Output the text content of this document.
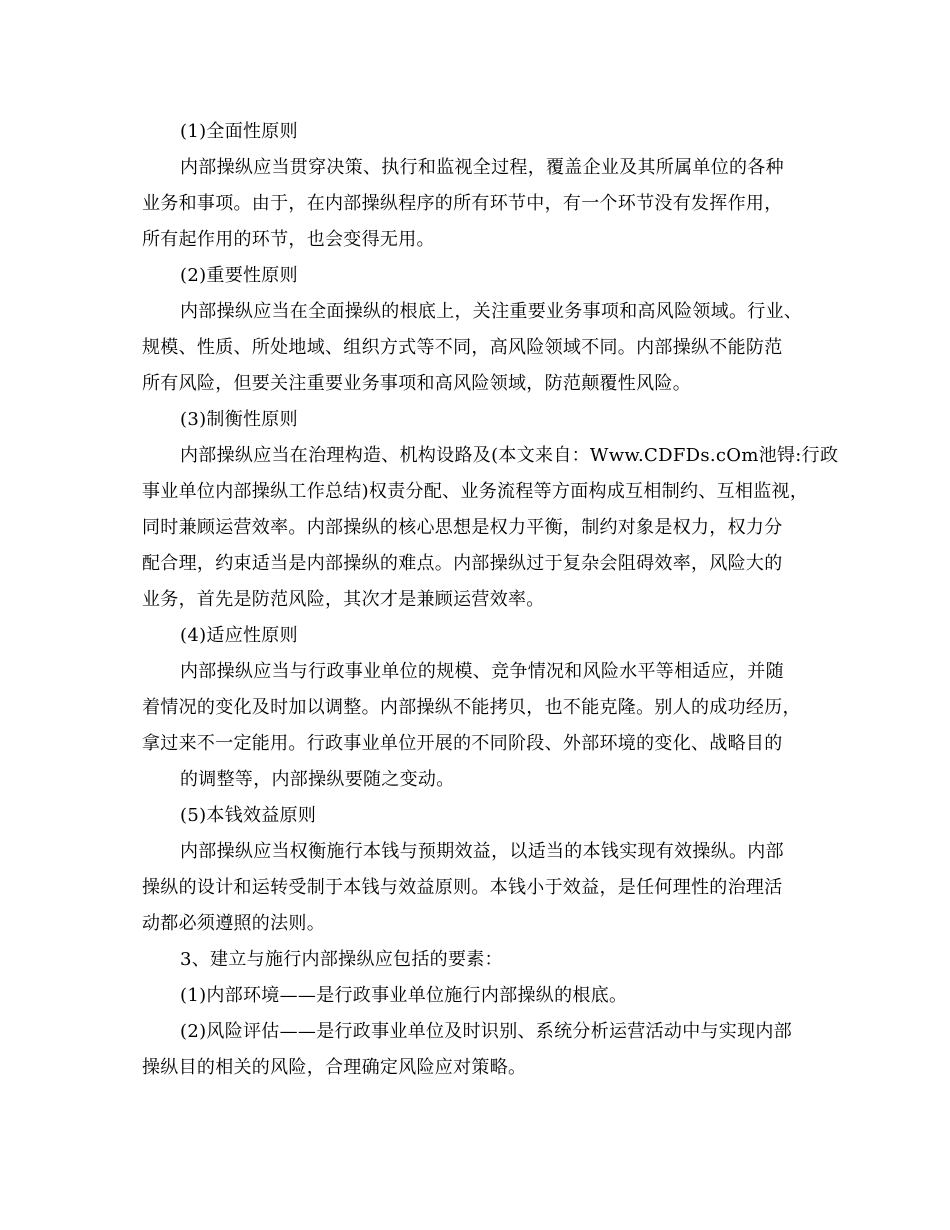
(1)全面性原则
内部操纵应当贯穿决策、执行和监视全过程，覆盖企业及其所属单位的各种
业务和事项。由于，在内部操纵程序的所有环节中，有一个环节没有发挥作用，
所有起作用的环节，也会变得无用。
(2)重要性原则
内部操纵应当在全面操纵的根底上，关注重要业务事项和高风险领域。行业、
规模、性质、所处地域、组织方式等不同，高风险领域不同。内部操纵不能防范
所有风险，但要关注重要业务事项和高风险领域，防范颠覆性风险。
(3)制衡性原则
内部操纵应当在治理构造、机构设路及(本文来自：Www.CDFDs.cOm池锝:行政
事业单位内部操纵工作总结)权责分配、业务流程等方面构成互相制约、互相监视，
同时兼顾运营效率。内部操纵的核心思想是权力平衡，制约对象是权力，权力分
配合理，约束适当是内部操纵的难点。内部操纵过于复杂会阻碍效率，风险大的
业务，首先是防范风险，其次才是兼顾运营效率。
(4)适应性原则
内部操纵应当与行政事业单位的规模、竞争情况和风险水平等相适应，并随
着情况的变化及时加以调整。内部操纵不能拷贝，也不能克隆。别人的成功经历，
拿过来不一定能用。行政事业单位开展的不同阶段、外部环境的变化、战略目的
的调整等，内部操纵要随之变动。
(5)本钱效益原则
内部操纵应当权衡施行本钱与预期效益，以适当的本钱实现有效操纵。内部
操纵的设计和运转受制于本钱与效益原则。本钱小于效益，是任何理性的治理活
动都必须遵照的法则。
3、建立与施行内部操纵应包括的要素：
(1)内部环境——是行政事业单位施行内部操纵的根底。
(2)风险评估——是行政事业单位及时识别、系统分析运营活动中与实现内部
操纵目的相关的风险，合理确定风险应对策略。
